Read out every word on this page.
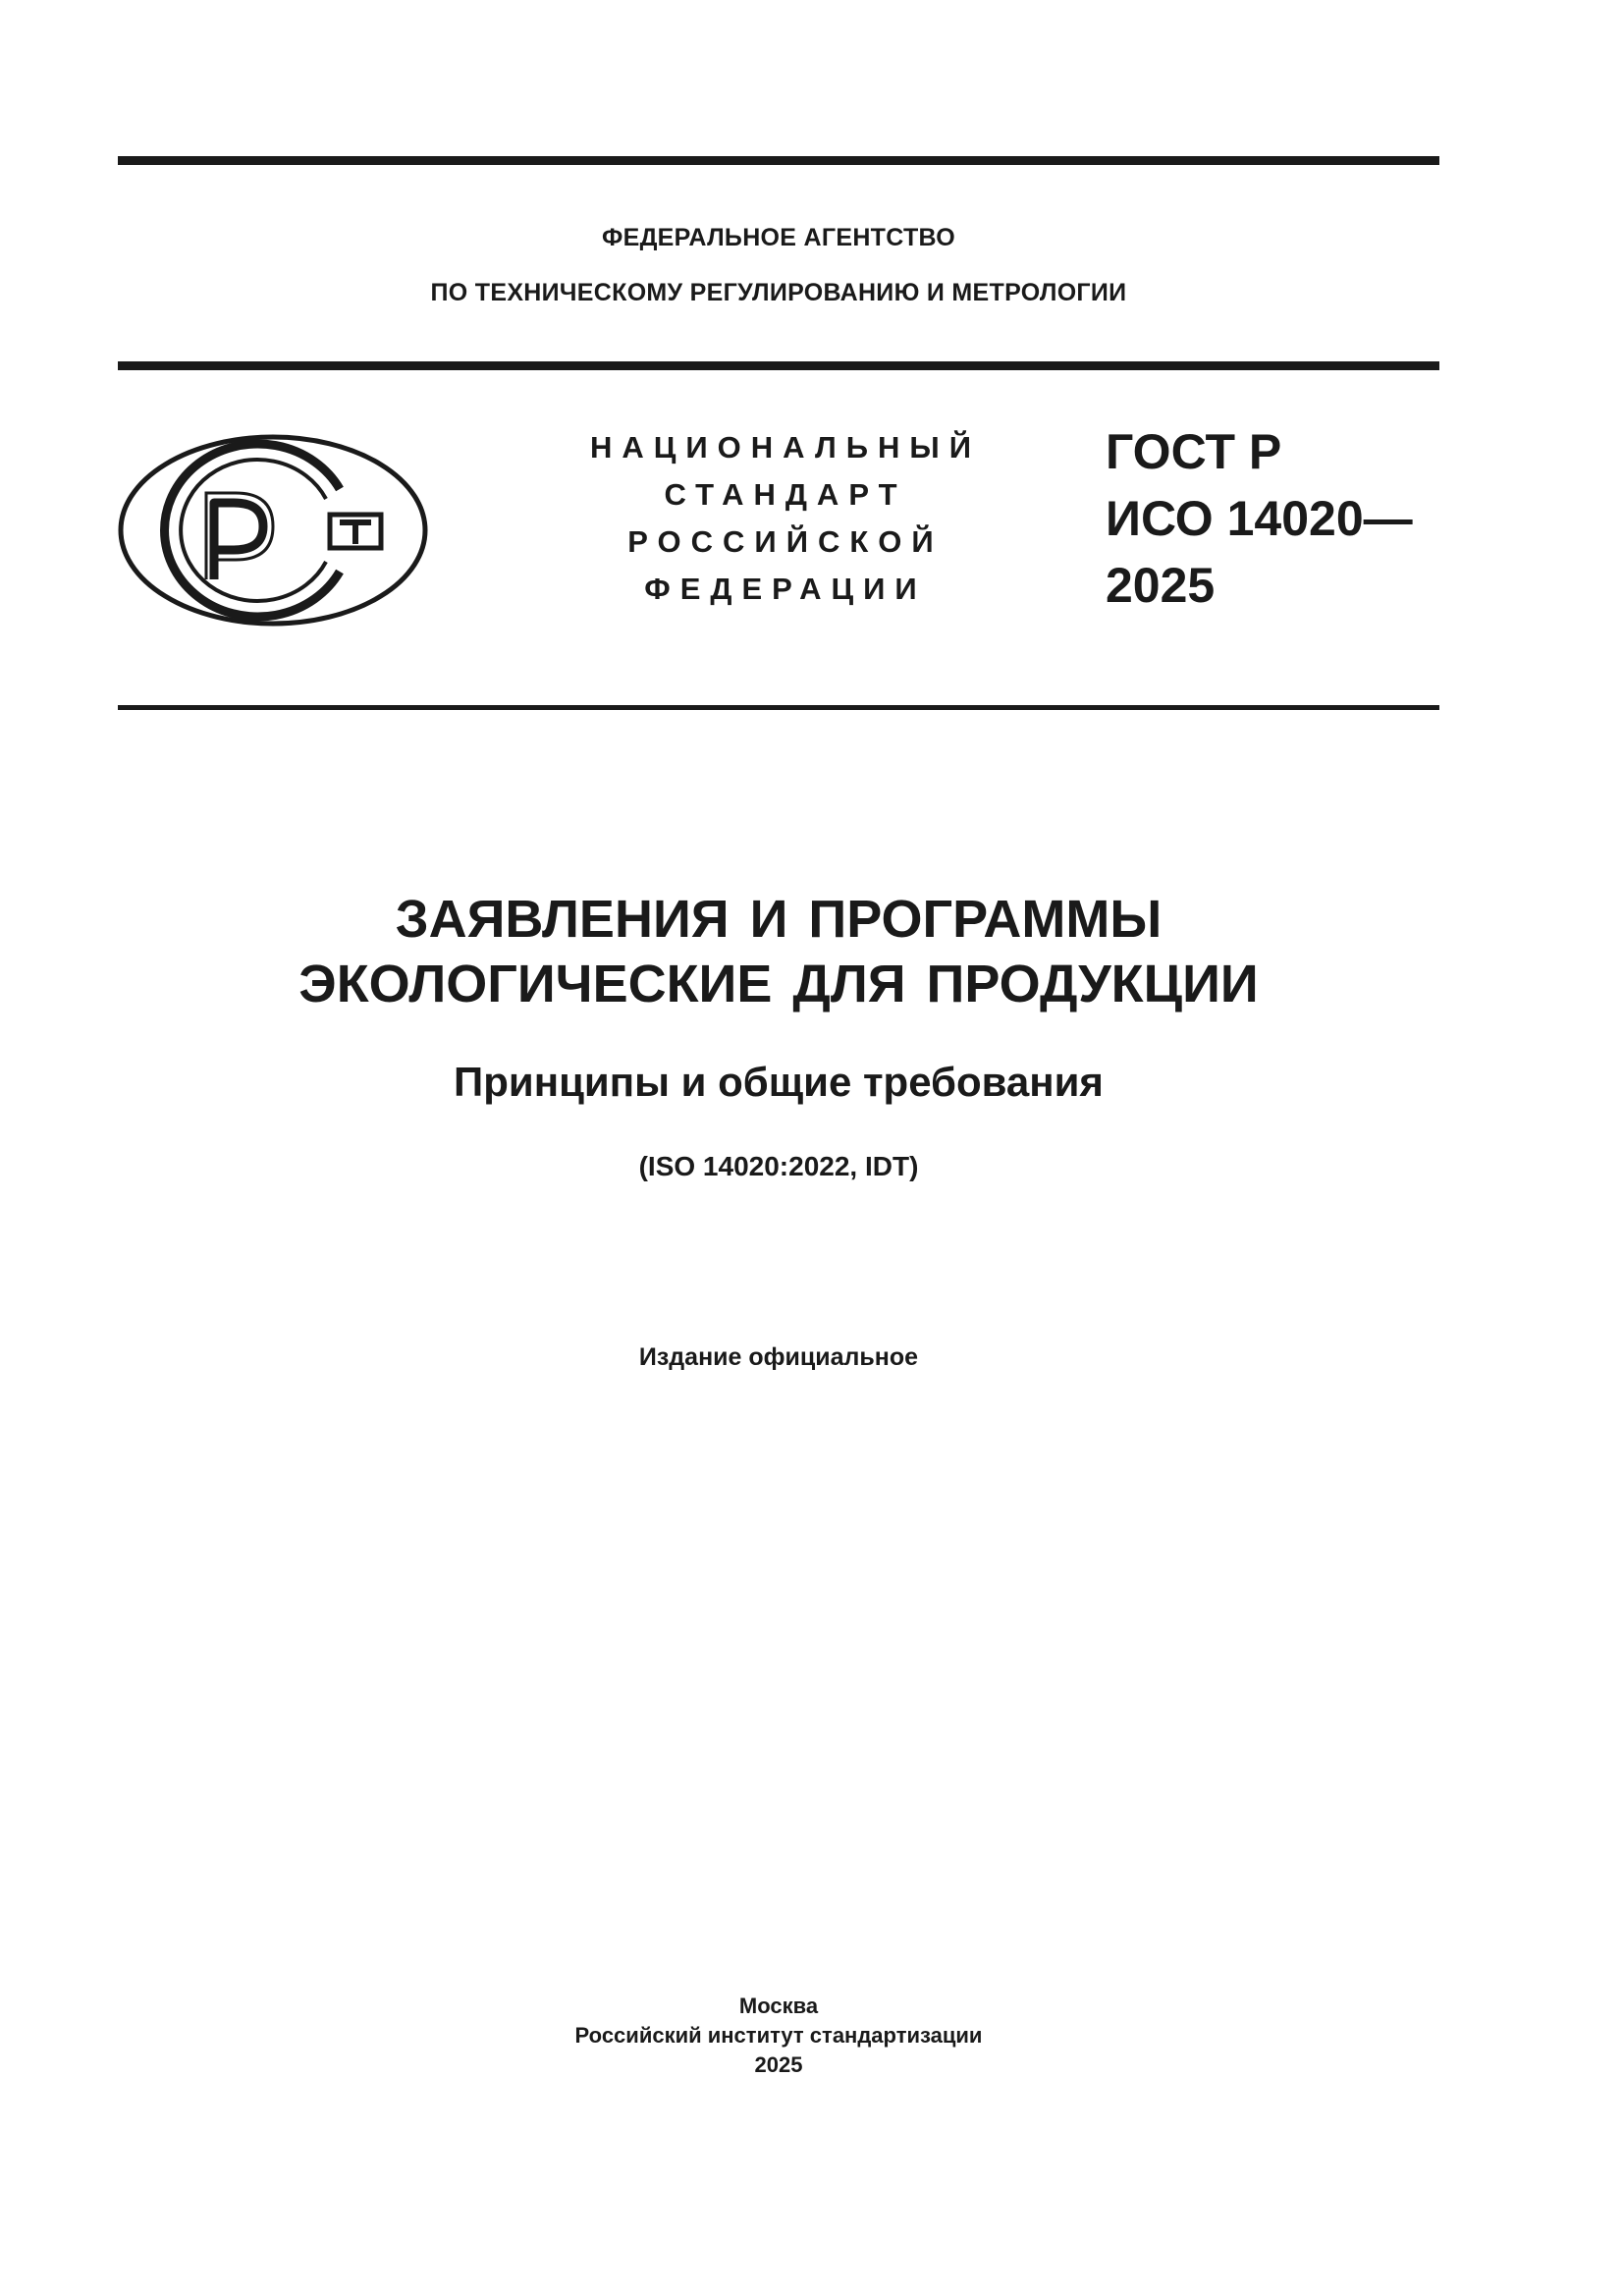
ФЕДЕРАЛЬНОЕ АГЕНТСТВО
ПО ТЕХНИЧЕСКОМУ РЕГУЛИРОВАНИЮ И МЕТРОЛОГИИ
НАЦИОНАЛЬНЫЙ
СТАНДАРТ
РОССИЙСКОЙ
ФЕДЕРАЦИИ
ГОСТ Р
ИСО 14020—
2025
ЗАЯВЛЕНИЯ И ПРОГРАММЫ
ЭКОЛОГИЧЕСКИЕ ДЛЯ ПРОДУКЦИИ
Принципы и общие требования
(ISO 14020:2022, IDT)
Издание официальное
Москва
Российский институт стандартизации
2025
